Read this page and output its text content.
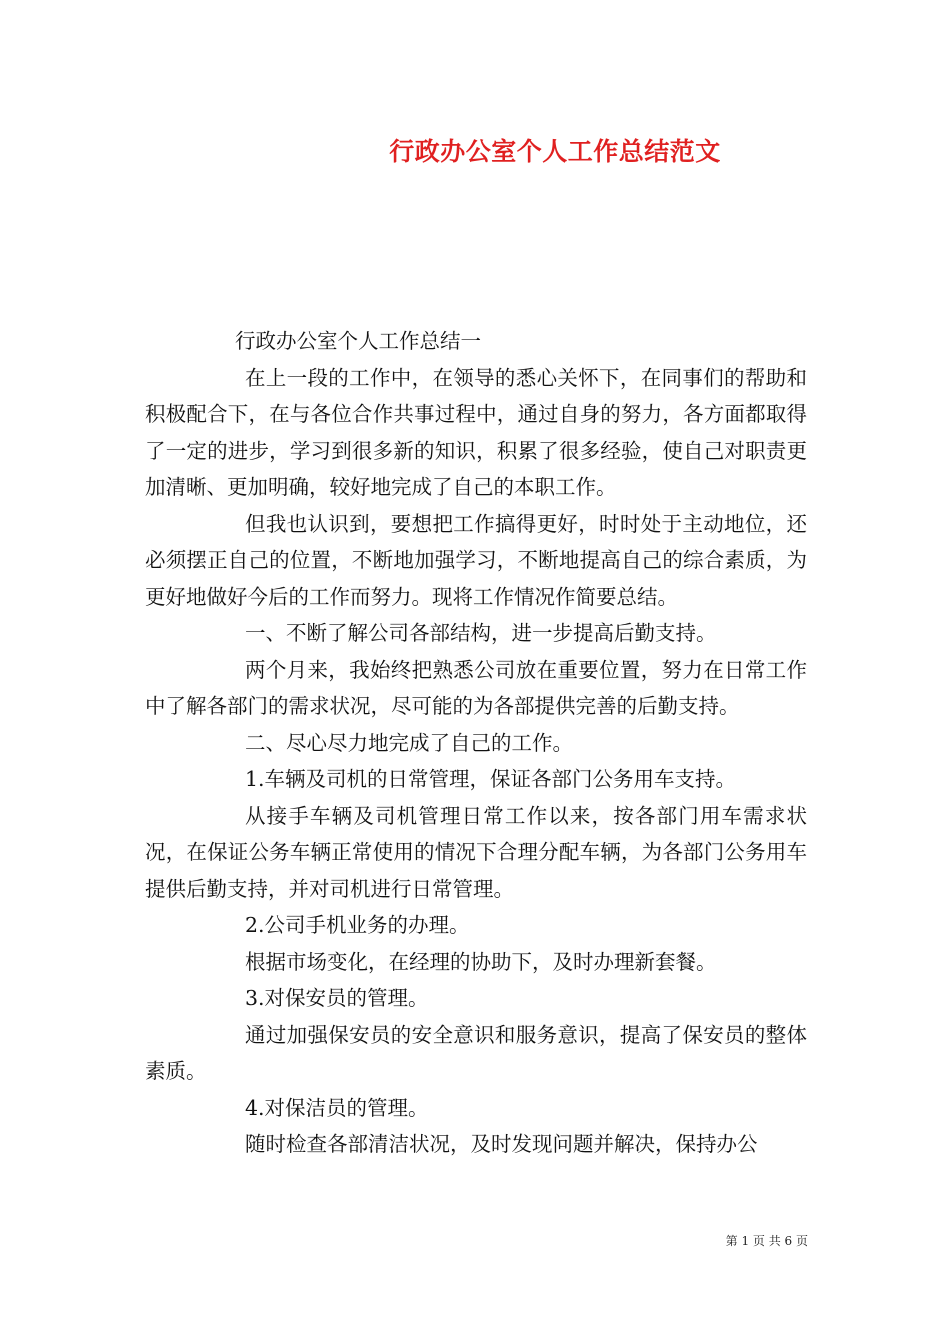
行政办公室个人工作总结范文

行政办公室个人工作总结一

在上一段的工作中，在领导的悉心关怀下，在同事们的帮助和积极配合下，在与各位合作共事过程中，通过自身的努力，各方面都取得了一定的进步，学习到很多新的知识，积累了很多经验，使自己对职责更加清晰、更加明确，较好地完成了自己的本职工作。

但我也认识到，要想把工作搞得更好，时时处于主动地位，还必须摆正自己的位置，不断地加强学习，不断地提高自己的综合素质，为更好地做好今后的工作而努力。现将工作情况作简要总结。

一、不断了解公司各部结构，进一步提高后勤支持。

两个月来，我始终把熟悉公司放在重要位置，努力在日常工作中了解各部门的需求状况，尽可能的为各部提供完善的后勤支持。

二、尽心尽力地完成了自己的工作。

1.车辆及司机的日常管理，保证各部门公务用车支持。

从接手车辆及司机管理日常工作以来，按各部门用车需求状况，在保证公务车辆正常使用的情况下合理分配车辆，为各部门公务用车提供后勤支持，并对司机进行日常管理。

2.公司手机业务的办理。

根据市场变化，在经理的协助下，及时办理新套餐。

3.对保安员的管理。

通过加强保安员的安全意识和服务意识，提高了保安员的整体素质。

4.对保洁员的管理。

随时检查各部清洁状况，及时发现问题并解决，保持办公

第 1 页 共 6 页
